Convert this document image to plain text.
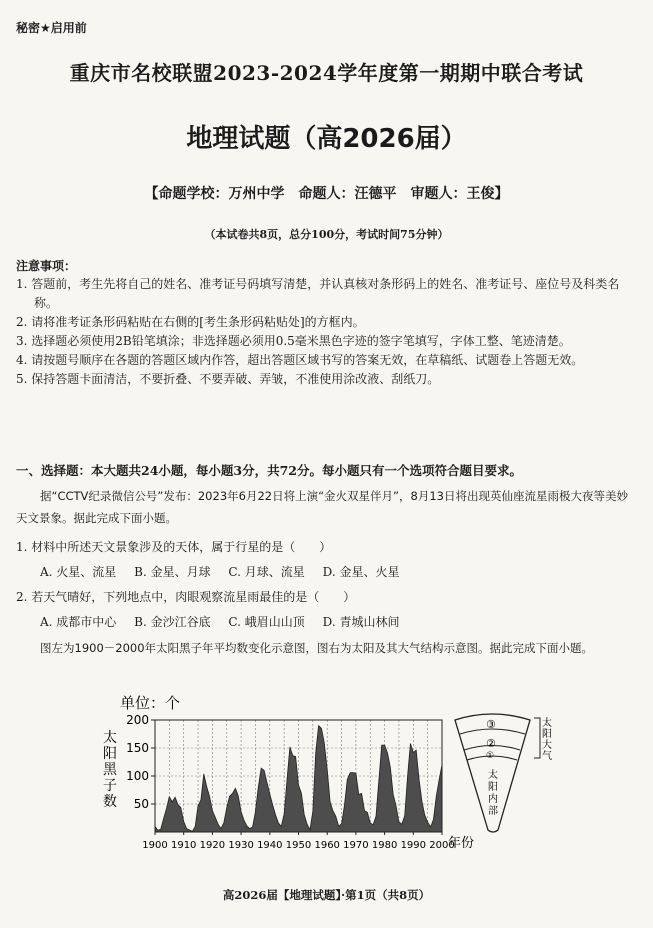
秘密★启用前
重庆市名校联盟2023-2024学年度第一期期中联合考试
地理试题（高2026届）
【命题学校：万州中学　命题人：汪德平　审题人：王俊】
（本试卷共8页，总分100分，考试时间75分钟）
注意事项：
1. 答题前，考生先将自己的姓名、准考证号码填写清楚，并认真核对条形码上的姓名、准考证号、座位号及科类名称。
2. 请将准考证条形码粘贴在右侧的[考生条形码粘贴处]的方框内。
3. 选择题必须使用2B铅笔填涂；非选择题必须用0.5毫米黑色字迹的签字笔填写，字体工整、笔迹清楚。
4. 请按题号顺序在各题的答题区域内作答，超出答题区域书写的答案无效，在草稿纸、试题卷上答题无效。
5. 保持答题卡面清洁，不要折叠、不要弄破、弄皱，不准使用涂改液、刮纸刀。
一、选择题：本大题共24小题，每小题3分，共72分。每小题只有一个选项符合题目要求。
据“CCTV纪录微信公号”发布：2023年6月22日将上演“金火双星伴月”，8月13日将出现英仙座流星雨极大夜等美妙天文景象。据此完成下面小题。
1. 材料中所述天文景象涉及的天体，属于行星的是（　　）
A. 火星、流星 B. 金星、月球 C. 月球、流星 D. 金星、火星
2. 若天气晴好，下列地点中，肉眼观察流星雨最佳的是（　　）
A. 成都市中心 B. 金沙江谷底 C. 峨眉山山顶 D. 青城山林间
图左为1900－2000年太阳黑子年平均数变化示意图，图右为太阳及其大气结构示意图。据此完成下面小题。
单位：个
太
阳
黑
子
数 50
100
150
200
1900 1910 1920 1930 1940 1950 1960 1970 1980 1990 2000
年份
③
②
①
太
阳
大
气
太
阳
内
部
高2026届【地理试题】·第1页（共8页）
